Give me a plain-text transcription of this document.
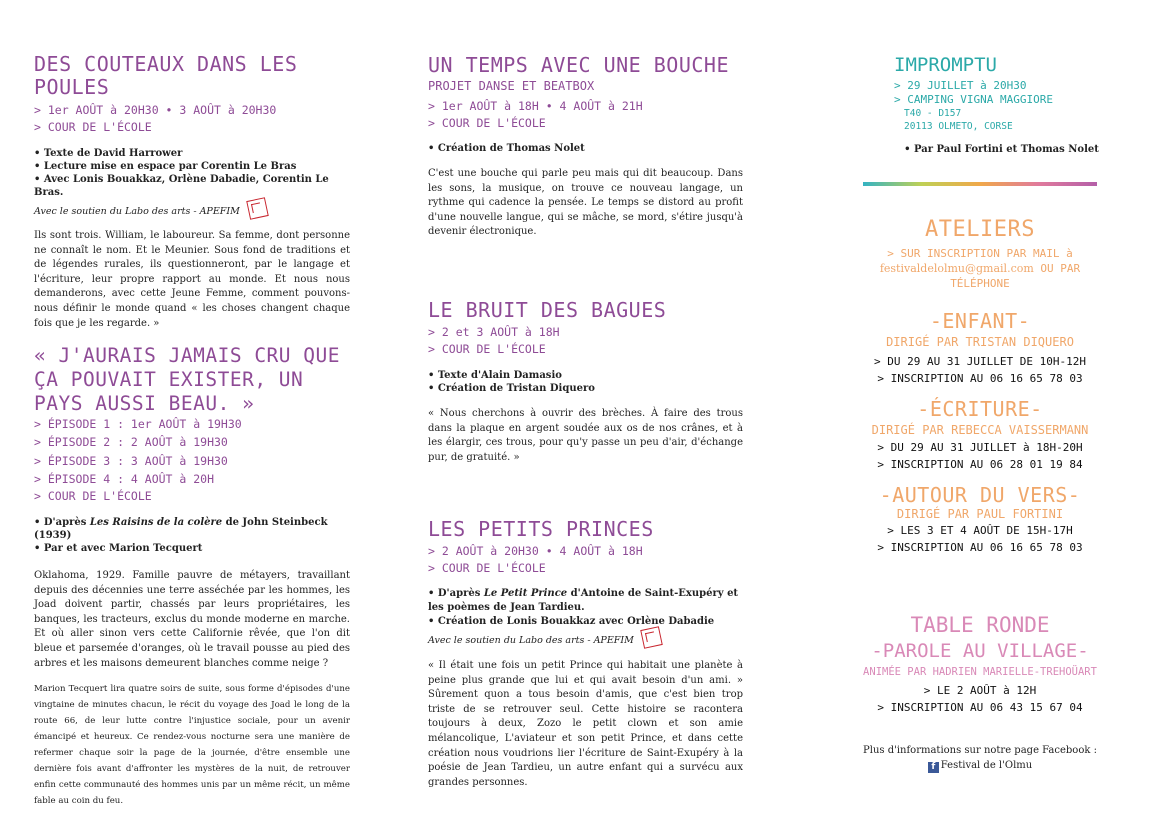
DES COUTEAUX DANS LES

POULES

> 1er AOÛT à 20H30 • 3 AOÛT à 20H30

> COUR DE L'ÉCOLE

• Texte de David Harrower

• Lecture mise en espace par Corentin Le Bras

• Avec Lonis Bouakkaz, Orlène Dabadie, Corentin Le Bras.

Avec le soutien du Labo des arts - APEFIM

Ils sont trois. William, le laboureur. Sa femme, dont personne ne connaît le nom. Et le Meunier. Sous fond de traditions et de légendes rurales, ils questionneront, par le langage et l'écriture, leur propre rapport au monde. Et nous nous demanderons, avec cette Jeune Femme, comment pouvons-nous définir le monde quand « les choses changent chaque fois que je les regarde. »

« J'AURAIS JAMAIS CRU QUE

ÇA POUVAIT EXISTER, UN

PAYS AUSSI BEAU. »

> ÉPISODE 1 : 1er AOÛT à 19H30

> ÉPISODE 2 : 2 AOÛT à 19H30

> ÉPISODE 3 : 3 AOÛT à 19H30

> ÉPISODE 4 : 4 AOÛT à 20H

> COUR DE L'ÉCOLE

• D'après Les Raisins de la colère de John Steinbeck (1939)

• Par et avec Marion Tecquert

Oklahoma, 1929. Famille pauvre de métayers, travaillant depuis des décennies une terre asséchée par les hommes, les Joad doivent partir, chassés par leurs propriétaires, les banques, les tracteurs, exclus du monde moderne en marche. Et où aller sinon vers cette Californie rêvée, que l'on dit bleue et parsemée d'oranges, où le travail pousse au pied des arbres et les maisons demeurent blanches comme neige ?

Marion Tecquert lira quatre soirs de suite, sous forme d'épisodes d'une vingtaine de minutes chacun, le récit du voyage des Joad le long de la route 66, de leur lutte contre l'injustice sociale, pour un avenir émancipé et heureux. Ce rendez-vous nocturne sera une manière de refermer chaque soir la page de la journée, d'être ensemble une dernière fois avant d'affronter les mystères de la nuit, de retrouver enfin cette communauté des hommes unis par un même récit, un même fable au coin du feu.

UN TEMPS AVEC UNE BOUCHE

PROJET DANSE ET BEATBOX

> 1er AOÛT à 18H • 4 AOÛT à 21H

> COUR DE L'ÉCOLE

• Création de Thomas Nolet

C'est une bouche qui parle peu mais qui dit beaucoup. Dans les sons, la musique, on trouve ce nouveau langage, un rythme qui cadence la pensée. Le temps se distord au profit d'une nouvelle langue, qui se mâche, se mord, s'étire jusqu'à devenir électronique.

LE BRUIT DES BAGUES

> 2 et 3 AOÛT à 18H

> COUR DE L'ÉCOLE

• Texte d'Alain Damasio

• Création de Tristan Diquero

« Nous cherchons à ouvrir des brèches. À faire des trous dans la plaque en argent soudée aux os de nos crânes, et à les élargir, ces trous, pour qu'y passe un peu d'air, d'échange pur, de gratuité. »

LES PETITS PRINCES

> 2 AOÛT à 20H30 • 4 AOÛT à 18H

> COUR DE L'ÉCOLE

• D'après Le Petit Prince d'Antoine de Saint-Exupéry et les poèmes de Jean Tardieu.

• Création de Lonis Bouakkaz avec Orlène Dabadie

Avec le soutien du Labo des arts - APEFIM

« Il était une fois un petit Prince qui habitait une planète à peine plus grande que lui et qui avait besoin d'un ami. » Sûrement quon a tous besoin d'amis, que c'est bien trop triste de se retrouver seul. Cette histoire se racontera toujours à deux, Zozo le petit clown et son amie mélancolique, L'aviateur et son petit Prince, et dans cette création nous voudrions lier l'écriture de Saint-Exupéry à la poésie de Jean Tardieu, un autre enfant qui a survécu aux grandes personnes.

IMPROMPTU

> 29 JUILLET à 20H30

> CAMPING VIGNA MAGGIORE

T40 - D157

20113 OLMETO, CORSE

• Par Paul Fortini et Thomas Nolet

ATELIERS

> SUR INSCRIPTION PAR MAIL à

festivaldelolmu@gmail.com OU PAR TÉLÉPHONE

-ENFANT-

DIRIGÉ PAR TRISTAN DIQUERO

> DU 29 AU 31 JUILLET DE 10H-12H

> INSCRIPTION AU 06 16 65 78 03

-ÉCRITURE-

DIRIGÉ PAR REBECCA VAISSERMANN

> DU 29 AU 31 JUILLET à 18H-20H

> INSCRIPTION AU 06 28 01 19 84

-AUTOUR DU VERS-

DIRIGÉ PAR PAUL FORTINI

> LES 3 ET 4 AOÛT DE 15H-17H

> INSCRIPTION AU 06 16 65 78 03

TABLE RONDE

-PAROLE AU VILLAGE-

ANIMÉE PAR HADRIEN MARIELLE-TREHOÜART

> LE 2 AOÛT à 12H

> INSCRIPTION AU 06 43 15 67 04

Plus d'informations sur notre page Facebook :

f Festival de l'Olmu
